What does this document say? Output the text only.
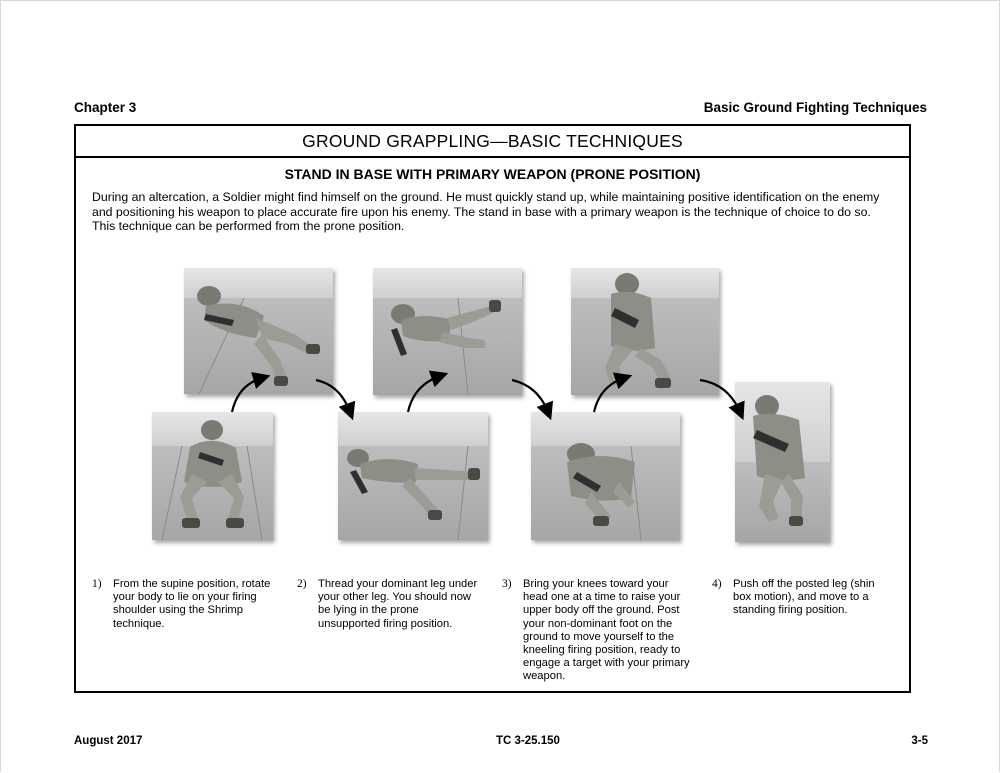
Chapter 3	Basic Ground Fighting Techniques
GROUND GRAPPLING—BASIC TECHNIQUES
STAND IN BASE WITH PRIMARY WEAPON (PRONE POSITION)
During an altercation, a Soldier might find himself on the ground. He must quickly stand up, while maintaining positive identification on the enemy and positioning his weapon to place accurate fire upon his enemy. The stand in base with a primary weapon is the technique of choice to do so. This technique can be performed from the prone position.
1) From the supine position, rotate your body to lie on your firing shoulder using the Shrimp technique.
2) Thread your dominant leg under your other leg. You should now be lying in the prone unsupported firing position.
3) Bring your knees toward your head one at a time to raise your upper body off the ground. Post your non-dominant foot on the ground to move yourself to the kneeling firing position, ready to engage a target with your primary weapon.
4) Push off the posted leg (shin box motion), and move to a standing firing position.
August 2017	TC 3-25.150	3-5
